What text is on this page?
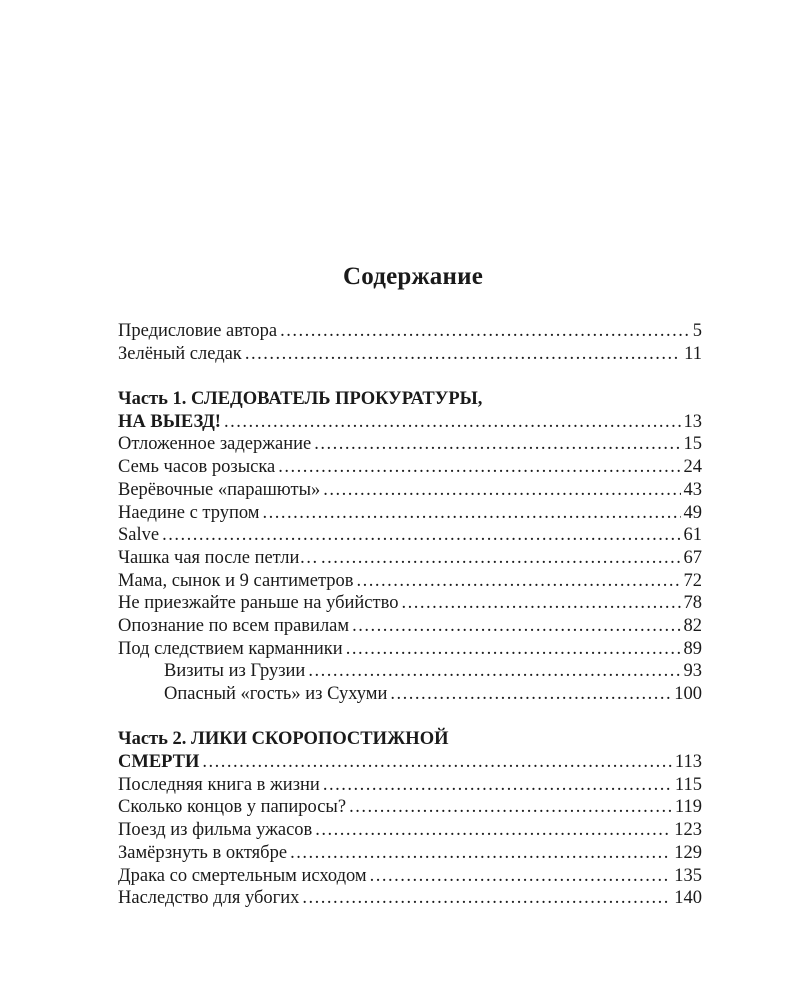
Содержание
Предисловие автора .....	5
Зелёный следак .....	11
Часть 1. СЛЕДОВАТЕЛЬ ПРОКУРАТУРЫ,
НА ВЫЕЗД! .....	13
Отложенное задержание .....	15
Семь часов розыска .....	24
Верёвочные «парашюты» .....	43
Наедине с трупом .....	49
Salve .....	61
Чашка чая после петли… .....	67
Мама, сынок и 9 сантиметров .....	72
Не приезжайте раньше на убийство .....	78
Опознание по всем правилам .....	82
Под следствием карманники .....	89
Визиты из Грузии .....	93
Опасный «гость» из Сухуми .....	100
Часть 2. ЛИКИ СКОРОПОСТИЖНОЙ
СМЕРТИ .....	113
Последняя книга в жизни .....	115
Сколько концов у папиросы? .....	119
Поезд из фильма ужасов .....	123
Замёрзнуть в октябре .....	129
Драка со смертельным исходом .....	135
Наследство для убогих .....	140
